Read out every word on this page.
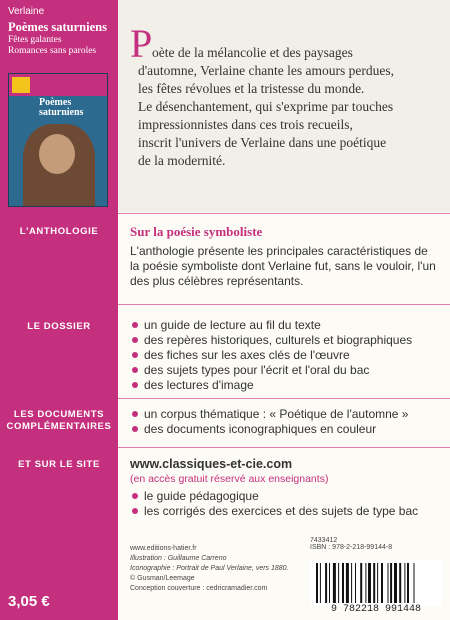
Verlaine
Poèmes saturniens
Fêtes galantes
Romances sans paroles
Poèmes
saturniens
L'ANTHOLOGIE
LE DOSSIER
LES DOCUMENTS
COMPLÉMENTAIRES
ET SUR LE SITE
3,05 €
P oète de la mélancolie et des paysages

d'automne, Verlaine chante les amours perdues,

les fêtes révolues et la tristesse du monde.

Le désenchantement, qui s'exprime par touches

impressionnistes dans ces trois recueils,

inscrit l'univers de Verlaine dans une poétique

de la modernité.

Sur la poésie symboliste
L'anthologie présente les principales caractéristiques de la poésie symboliste dont Verlaine fut, sans le vouloir, l'un des plus célèbres représentants.
un guide de lecture au fil du texte
des repères historiques, culturels et biographiques
des fiches sur les axes clés de l'œuvre
des sujets types pour l'écrit et l'oral du bac
des lectures d'image
un corpus thématique : « Poétique de l'automne »
des documents iconographiques en couleur
www.classiques-et-cie.com
(en accès gratuit réservé aux enseignants)
le guide pédagogique
les corrigés des exercices et des sujets de type bac
www.editions-hatier.fr
Illustration : Guillaume Carreno
Iconographie : Portrait de Paul Verlaine, vers 1880.
© Gusman/Leemage
Conception couverture : cedricramadier.com
7433412
ISBN : 978-2-218-99144-8
9 782218 991448
